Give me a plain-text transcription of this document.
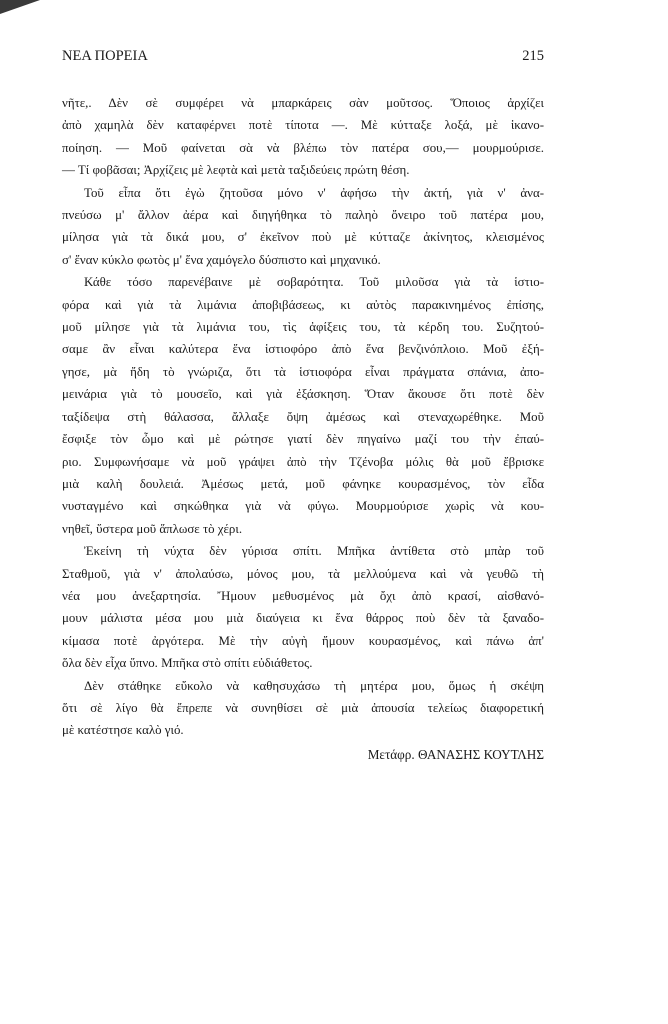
ΝΕΑ ΠΟΡΕΙΑ	215
νῆτε,. Δὲν σὲ συμφέρει νὰ μπαρκάρεις σὰν μοῦτσος. Ὅποιος ἀρχίζει
ἀπὸ χαμηλὰ δὲν καταφέρνει ποτὲ τίποτα —. Μὲ κύτταξε λοξά, μὲ ἱκανο-
ποίηση. — Μοῦ φαίνεται σὰ νὰ βλέπω τὸν πατέρα σου,— μουρμούρισε.
— Τί φοβᾶσαι; Ἀρχίζεις μὲ λεφτὰ καὶ μετὰ ταξιδεύεις πρώτη θέση.
Τοῦ εἶπα ὅτι ἐγὼ ζητοῦσα μόνο ν' ἀφήσω τὴν ἀκτή, γιὰ ν' ἀνα-
πνεύσω μ' ἄλλον ἀέρα καὶ διηγήθηκα τὸ παληὸ ὄνειρο τοῦ πατέρα μου,
μίλησα γιὰ τὰ δικά μου, σ' ἐκεῖνον ποὺ μὲ κύτταζε ἀκίνητος, κλεισμένος
σ' ἕναν κύκλο φωτὸς μ' ἕνα χαμόγελο δύσπιστο καὶ μηχανικό.
Κάθε τόσο παρενέβαινε μὲ σοβαρότητα. Τοῦ μιλοῦσα γιὰ τὰ ἱστιο-
φόρα καὶ γιὰ τὰ λιμάνια ἀποβιβάσεως, κι αὐτὸς παρακινημένος ἐπίσης,
μοῦ μίλησε γιὰ τὰ λιμάνια του, τὶς ἀφίξεις του, τὰ κέρδη του. Συζητού-
σαμε ἂν εἶναι καλύτερα ἕνα ἱστιοφόρο ἀπὸ ἕνα βενζινόπλοιο. Μοῦ ἐξή-
γησε, μὰ ἤδη τὸ γνώριζα, ὅτι τὰ ἱστιοφόρα εἶναι πράγματα σπάνια, ἀπο-
μεινάρια γιὰ τὸ μουσεῖο, καὶ γιὰ ἐξάσκηση. Ὅταν ἄκουσε ὅτι ποτὲ δὲν
ταξίδεψα στὴ θάλασσα, ἄλλαξε ὄψη ἀμέσως καὶ στεναχωρέθηκε. Μοῦ
ἔσφιξε τὸν ὦμο καὶ μὲ ρώτησε γιατί δὲν πηγαίνω μαζί του τὴν ἐπαύ-
ριο. Συμφωνήσαμε νὰ μοῦ γράψει ἀπὸ τὴν Τζένοβα μόλις θὰ μοῦ ἔβρισκε
μιὰ καλὴ δουλειά. Ἀμέσως μετά, μοῦ φάνηκε κουρασμένος, τὸν εἶδα
νυσταγμένο καὶ σηκώθηκα γιὰ νὰ φύγω. Μουρμούρισε χωρὶς νὰ κου-
νηθεῖ, ὕστερα μοῦ ἅπλωσε τὸ χέρι.
Ἐκείνη τὴ νύχτα δὲν γύρισα σπίτι. Μπῆκα ἀντίθετα στὸ μπὰρ τοῦ
Σταθμοῦ, γιὰ ν' ἀπολαύσω, μόνος μου, τὰ μελλούμενα καὶ νὰ γευθῶ τὴ
νέα μου ἀνεξαρτησία. Ἤμουν μεθυσμένος μὰ ὄχι ἀπὸ κρασί, αἰσθανό-
μουν μάλιστα μέσα μου μιὰ διαύγεια κι ἕνα θάρρος ποὺ δὲν τὰ ξαναδο-
κίμασα ποτὲ ἀργότερα. Μὲ τὴν αὐγὴ ἤμουν κουρασμένος, καὶ πάνω ἀπ'
ὅλα δὲν εἶχα ὕπνο. Μπῆκα στὸ σπίτι εὐδιάθετος.
Δὲν στάθηκε εὔκολο νὰ καθησυχάσω τὴ μητέρα μου, ὅμως ἡ σκέψη
ὅτι σὲ λίγο θὰ ἔπρεπε νὰ συνηθίσει σὲ μιὰ ἀπουσία τελείως διαφορετική
μὲ κατέστησε καλὸ γιό.
Μετάφρ. ΘΑΝΑΣΗΣ ΚΟΥΤΛΗΣ
